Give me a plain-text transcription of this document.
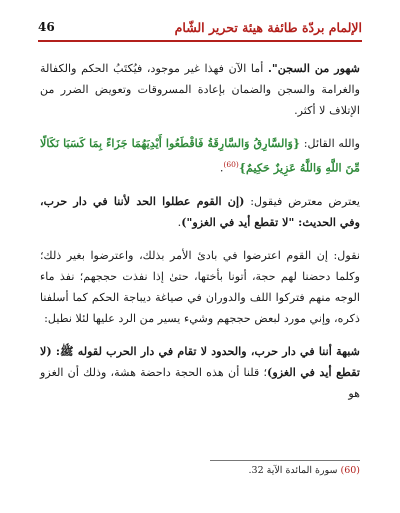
46	الإلمام بردّة طائفة هيئة تحرير الشّام

شهور من السجن". أما الآن فهذا غير موجود، فيُكتَبُ الحكم والكفالة والغرامة والسجن والضمان بإعادة المسروقات وتعويض الضرر من الإتلاف لا أكثر.

والله القائل: {وَالسَّارِقُ وَالسَّارِقَةُ فَاقْطَعُوا أَيْدِيَهُمَا جَزَاءً بِمَا كَسَبَا نَكَالًا مِّنَ اللَّهِ وَاللَّهُ عَزِيزٌ حَكِيمٌ}$^{(60)}$.

يعترض معترض فيقول: (إن القوم عطلوا الحد لأننا في دار حرب، وفي الحديث: "لا تقطع أيد في الغزو").

نقول: إن القوم اعترضوا في بادئ الأمر بذلك، واعترضوا بغير ذلك؛ وكلما دحضنا لهم حجة، أتونا بأختها، حتىٰ إذا نفذت حججهم؛ نفذ ماء الوجه منهم فتركوا اللف والدوران في صياغة ديباجة الحكم كما أسلفنا ذكره، وإني مورد لبعض حججهم وشيء يسير من الرد عليها لئلا نطيل:

شبهة أننا في دار حرب، والحدود لا تقام في دار الحرب لقوله ﷺ: (لا تقطع أيد في الغزو)؛ قلنا أن هذه الحجة داحضة هشة، وذلك أن الغزو هو

(60) سورة المائدة الآية 32.
